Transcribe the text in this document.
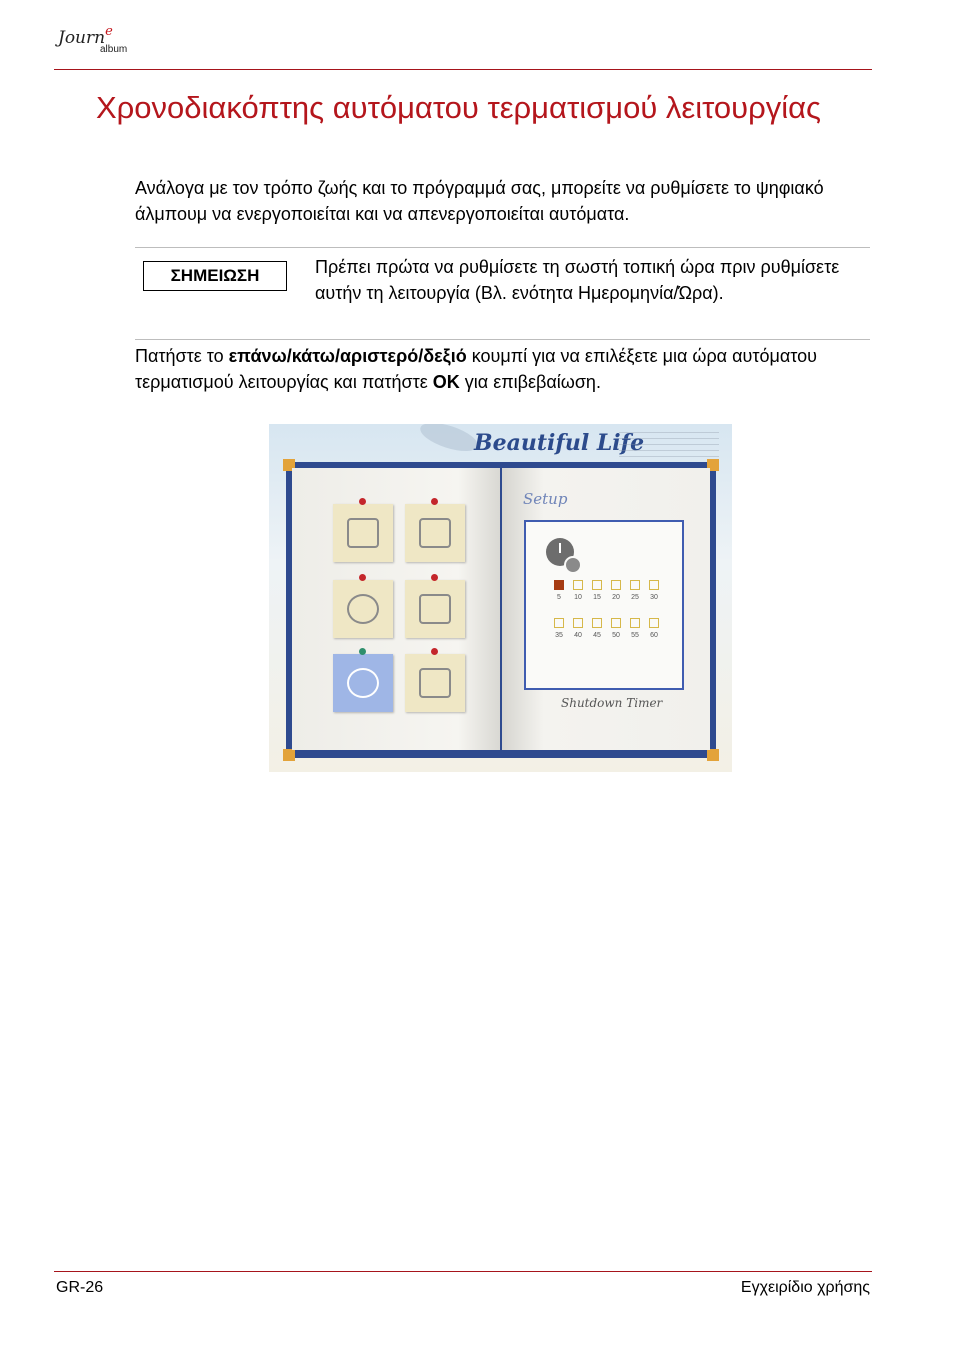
Journ$^e$
album
Χρονοδιακόπτης αυτόματου τερματισμού λειτουργίας

Ανάλογα με τον τρόπο ζωής και το πρόγραμμά σας, μπορείτε να ρυθμίσετε το ψηφιακό άλμπουμ να ενεργοποιείται και να απενεργοποιείται αυτόματα.

ΣΗΜΕΙΩΣΗ	Πρέπει πρώτα να ρυθμίσετε τη σωστή τοπική ώρα πριν ρυθμίσετε αυτήν τη λειτουργία (Βλ. ενότητα Ημερομηνία/Ώρα).

Πατήστε το επάνω/κάτω/αριστερό/δεξιό κουμπί για να επιλέξετε μια ώρα αυτόματου τερματισμού λειτουργίας και πατήστε OK για επιβεβαίωση.

Beautiful Life
Setup
5	10	15	20	25	30
35	40	45	50	55	60
Shutdown Timer
GR-26	Εγχειρίδιο χρήσης
